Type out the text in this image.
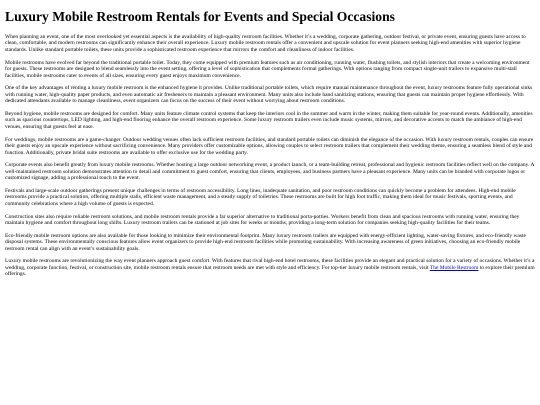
Luxury Mobile Restroom Rentals for Events and Special Occasions

When planning an event, one of the most overlooked yet essential aspects is the availability of high-quality restroom facilities. Whether it’s a wedding, corporate gathering, outdoor festival, or private event, ensuring guests have access to clean, comfortable, and modern restrooms can significantly enhance their overall experience. Luxury mobile restroom rentals offer a convenient and upscale solution for event planners seeking high-end amenities with superior hygiene standards. Unlike standard portable toilets, these units provide a sophisticated restroom experience that mirrors the comfort and cleanliness of indoor facilities.

Mobile restrooms have evolved far beyond the traditional portable toilet. Today, they come equipped with premium features such as air conditioning, running water, flushing toilets, and stylish interiors that create a welcoming environment for guests. These restrooms are designed to blend seamlessly into the event setting, offering a level of sophistication that complements formal gatherings. With options ranging from compact single-unit trailers to expansive multi-stall facilities, mobile restrooms cater to events of all sizes, ensuring every guest enjoys maximum convenience.

One of the key advantages of renting a luxury mobile restroom is the enhanced hygiene it provides. Unlike traditional portable toilets, which require manual maintenance throughout the event, luxury restrooms feature fully operational sinks with running water, high-quality paper products, and even automatic air fresheners to maintain a pleasant environment. Many units also include hand sanitizing stations, ensuring that guests can maintain proper hygiene effortlessly. With dedicated attendants available to manage cleanliness, event organizers can focus on the success of their event without worrying about restroom conditions.

Beyond hygiene, mobile restrooms are designed for comfort. Many units feature climate control systems that keep the interiors cool in the summer and warm in the winter, making them suitable for year-round events. Additionally, amenities such as spacious countertops, LED lighting, and high-end flooring enhance the overall restroom experience. Some luxury restroom trailers even include music systems, mirrors, and decorative accents to match the ambiance of high-end venues, ensuring that guests feel at ease.

For weddings, mobile restrooms are a game-changer. Outdoor wedding venues often lack sufficient restroom facilities, and standard portable toilets can diminish the elegance of the occasion. With luxury restroom rentals, couples can ensure their guests enjoy an upscale experience without sacrificing convenience. Many providers offer customizable options, allowing couples to select restroom trailers that complement their wedding theme, ensuring a seamless blend of style and function. Additionally, private bridal suite restrooms are available to offer exclusive use for the wedding party.

Corporate events also benefit greatly from luxury mobile restrooms. Whether hosting a large outdoor networking event, a product launch, or a team-building retreat, professional and hygienic restroom facilities reflect well on the company. A well-maintained restroom solution demonstrates attention to detail and commitment to guest comfort, ensuring that clients, employees, and business partners have a pleasant experience. Many units can be branded with corporate logos or customized signage, adding a professional touch to the event.

Festivals and large-scale outdoor gatherings present unique challenges in terms of restroom accessibility. Long lines, inadequate sanitation, and poor restroom conditions can quickly become a problem for attendees. High-end mobile restrooms provide a practical solution, offering multiple stalls, efficient waste management, and a steady supply of toiletries. These restrooms are built for high foot traffic, making them ideal for music festivals, sporting events, and community celebrations where a high volume of guests is expected.

Construction sites also require reliable restroom solutions, and mobile restroom rentals provide a far superior alternative to traditional porta-potties. Workers benefit from clean and spacious restrooms with running water, ensuring they maintain hygiene and comfort throughout long shifts. Luxury restroom trailers can be stationed at job sites for weeks or months, providing a long-term solution for companies seeking high-quality facilities for their teams.

Eco-friendly mobile restroom options are also available for those looking to minimize their environmental footprint. Many luxury restroom trailers are equipped with energy-efficient lighting, water-saving fixtures, and eco-friendly waste disposal systems. These environmentally conscious features allow event organizers to provide high-end restroom facilities while promoting sustainability. With increasing awareness of green initiatives, choosing an eco-friendly mobile restroom rental can align with an event’s sustainability goals.

Luxury mobile restrooms are revolutionizing the way event planners approach guest comfort. With features that rival high-end hotel restrooms, these facilities provide an elegant and practical solution for a variety of occasions. Whether it’s a wedding, corporate function, festival, or construction site, mobile restroom rentals ensure that restroom needs are met with style and efficiency. For top-tier luxury mobile restroom rentals, visit The Mobile Restroom to explore their premium offerings.
